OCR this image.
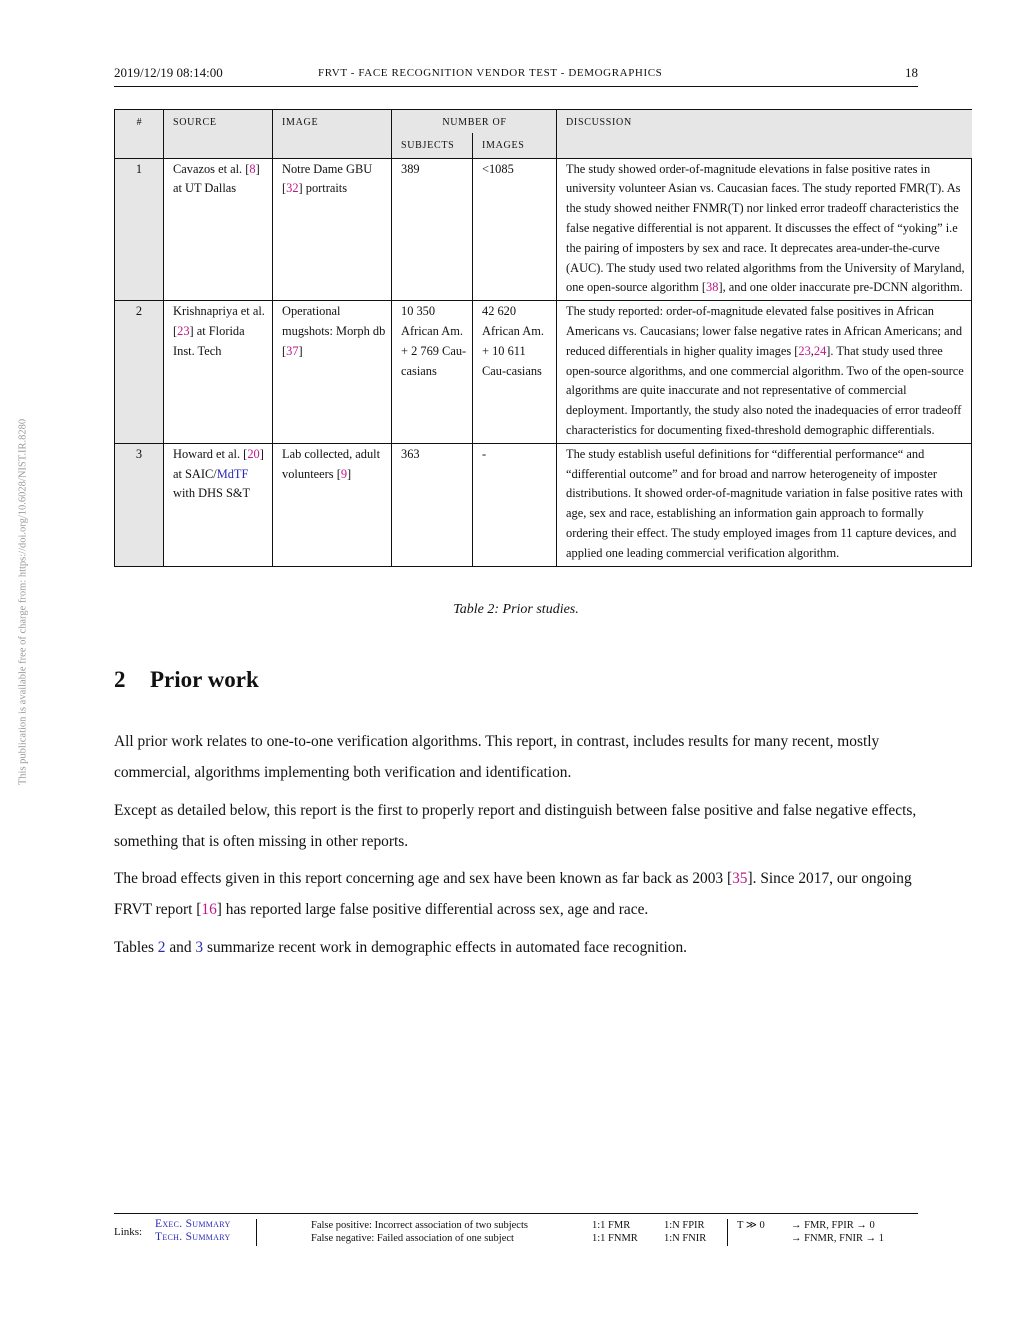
This publication is available free of charge from: https://doi.org/10.6028/NIST.IR.8280
2019/12/19 08:14:00	FRVT - FACE RECOGNITION VENDOR TEST - DEMOGRAPHICS	18
#	SOURCE	IMAGE	NUMBER OF		DISCUSSION
			SUBJECTS	IMAGES	
1	Cavazos et al. [8] at UT Dallas	Notre Dame GBU [32] portraits	389	<1085	The study showed order-of-magnitude elevations in false positive rates in university volunteer Asian vs. Caucasian faces. The study reported FMR(T). As the study showed neither FNMR(T) nor linked error tradeoff characteristics the false negative differential is not apparent. It discusses the effect of “yoking” i.e the pairing of imposters by sex and race. It deprecates area-under-the-curve (AUC). The study used two related algorithms from the University of Maryland, one open-source algorithm [38], and one older inaccurate pre-DCNN algorithm.
2	Krishnapriya et al. [23] at Florida Inst. Tech	Operational mugshots: Morph db [37]	10 350 African Am. + 2 769 Cau-casians	42 620 African Am. + 10 611 Cau-casians	The study reported: order-of-magnitude elevated false positives in African Americans vs. Caucasians; lower false negative rates in African Americans; and reduced differentials in higher quality images [23,24]. That study used three open-source algorithms, and one commercial algorithm. Two of the open-source algorithms are quite inaccurate and not representative of commercial deployment. Importantly, the study also noted the inadequacies of error tradeoff characteristics for documenting fixed-threshold demographic differentials.
3	Howard et al. [20] at SAIC/MdTF with DHS S&T	Lab collected, adult volunteers [9]	363	-	The study establish useful definitions for “differential performance“ and “differential outcome” and for broad and narrow heterogeneity of imposter distributions. It showed order-of-magnitude variation in false positive rates with age, sex and race, establishing an information gain approach to formally ordering their effect. The study employed images from 11 capture devices, and applied one leading commercial verification algorithm.
Table 2: Prior studies.
2 Prior work
All prior work relates to one-to-one verification algorithms. This report, in contrast, includes results for many recent, mostly commercial, algorithms implementing both verification and identification.
Except as detailed below, this report is the first to properly report and distinguish between false positive and false negative effects, something that is often missing in other reports.
The broad effects given in this report concerning age and sex have been known as far back as 2003 [35]. Since 2017, our ongoing FRVT report [16] has reported large false positive differential across sex, age and race.
Tables 2 and 3 summarize recent work in demographic effects in automated face recognition.
Links:
Exec. Summary
Tech. Summary
False positive: Incorrect association of two subjects
False negative: Failed association of one subject
1:1 FMR
1:1 FNMR
1:N FPIR
1:N FNIR
T ≫ 0	→ FMR, FPIR → 0
→ FNMR, FNIR → 1
